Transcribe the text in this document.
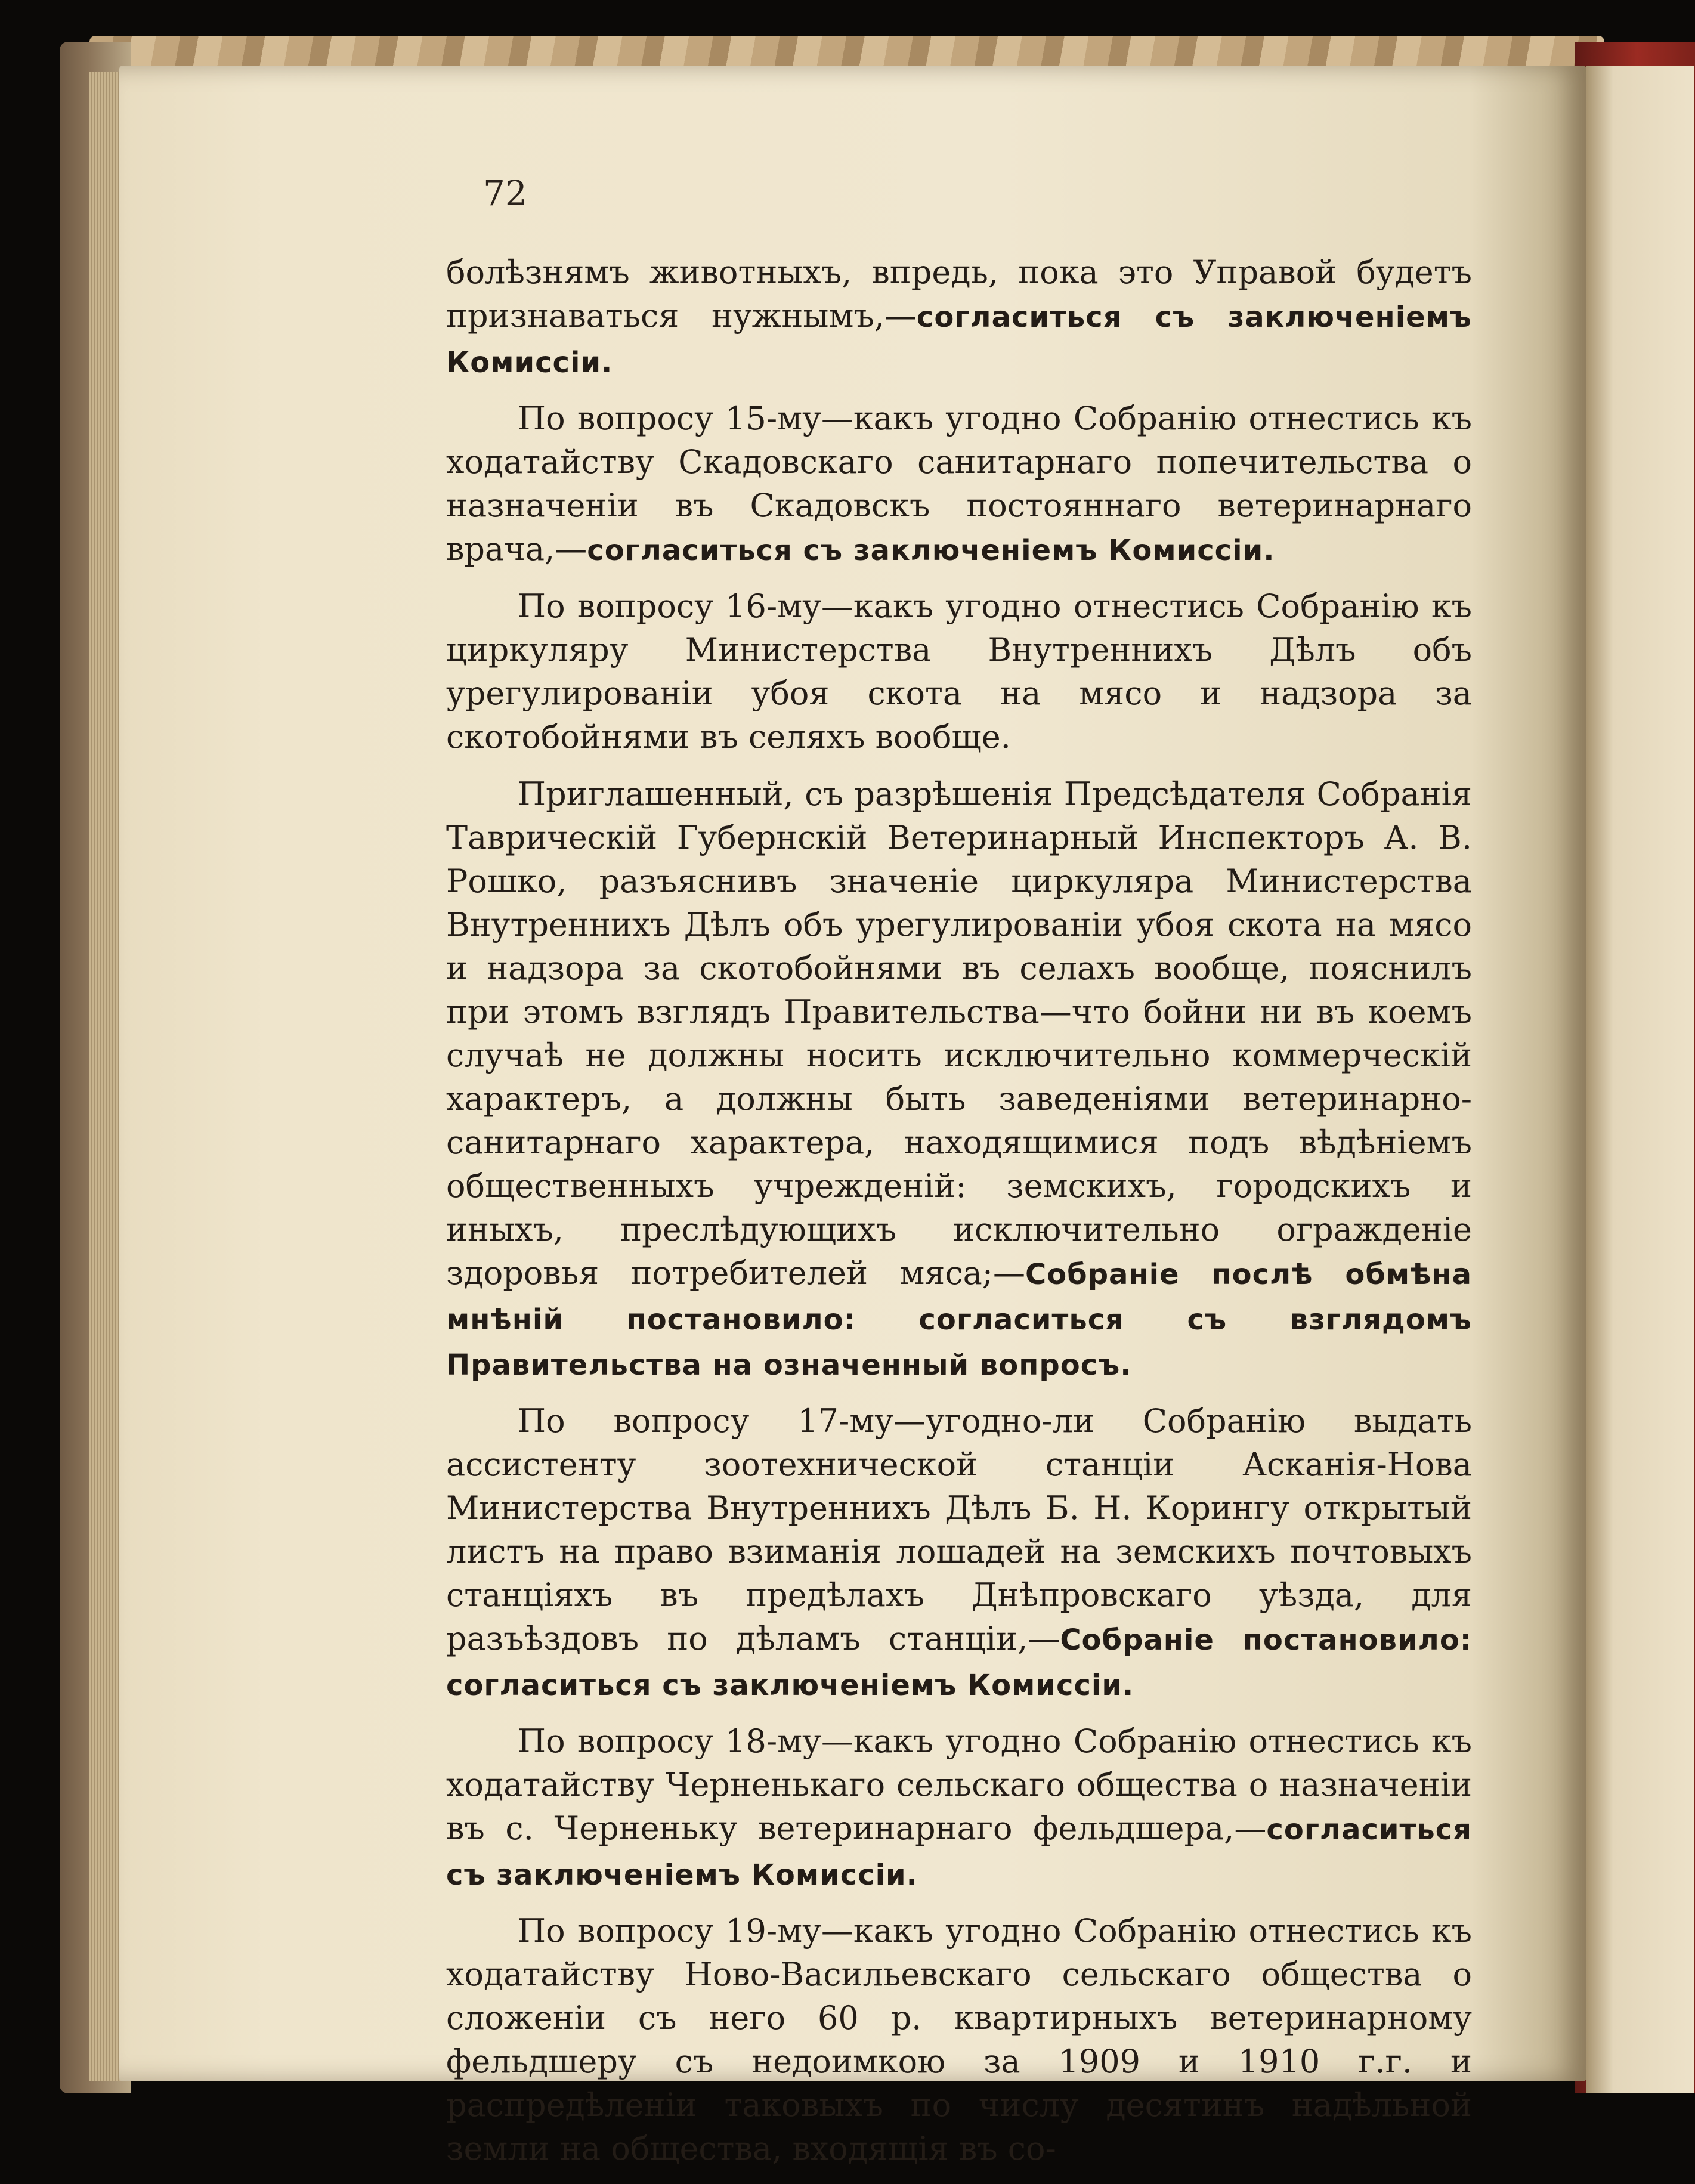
72

болѣзнямъ животныхъ, впредь, пока это Управой будетъ признаваться нужнымъ,—согласиться съ заключеніемъ Комиссіи.

По вопросу 15-му—какъ угодно Собранію отнестись къ ходатайству Скадовскаго санитарнаго попечительства о назначеніи въ Скадовскъ постояннаго ветеринарнаго врача,—согласиться съ заключеніемъ Комиссіи.

По вопросу 16-му—какъ угодно отнестись Собранію къ циркуляру Министерства Внутреннихъ Дѣлъ объ урегулированіи убоя скота на мясо и надзора за скотобойнями въ селяхъ вообще.

Приглашенный, съ разрѣшенія Предсѣдателя Собранія Таврическій Губернскій Ветеринарный Инспекторъ А. В. Рошко, разъяснивъ значеніе циркуляра Министерства Внутреннихъ Дѣлъ объ урегулированіи убоя скота на мясо и надзора за скотобойнями въ селахъ вообще, пояснилъ при этомъ взглядъ Правительства—что бойни ни въ коемъ случаѣ не должны носить исключительно коммерческій характеръ, а должны быть заведеніями ветеринарно-санитарнаго характера, находящимися подъ вѣдѣніемъ общественныхъ учрежденій: земскихъ, городскихъ и иныхъ, преслѣдующихъ исключительно огражденіе здоровья потребителей мяса;—Собраніе послѣ обмѣна мнѣній постановило: согласиться съ взглядомъ Правительства на означенный вопросъ.

По вопросу 17-му—угодно-ли Собранію выдать ассистенту зоотехнической станціи Асканія-Нова Министерства Внутреннихъ Дѣлъ Б. Н. Корингу открытый листъ на право взиманія лошадей на земскихъ почтовыхъ станціяхъ въ предѣлахъ Днѣпровскаго уѣзда, для разъѣздовъ по дѣламъ станціи,—Собраніе постановило: согласиться съ заключеніемъ Комиссіи.

По вопросу 18-му—какъ угодно Собранію отнестись къ ходатайству Черненькаго сельскаго общества о назначеніи въ с. Черненьку ветеринарнаго фельдшера,—согласиться съ заключеніемъ Комиссіи.

По вопросу 19-му—какъ угодно Собранію отнестись къ ходатайству Ново-Васильевскаго сельскаго общества о сложеніи съ него 60 р. квартирныхъ ветеринарному фельдшеру съ недоимкою за 1909 и 1910 г.г. и распредѣленіи таковыхъ по числу десятинъ надѣльной земли на общества, входящія въ со-
